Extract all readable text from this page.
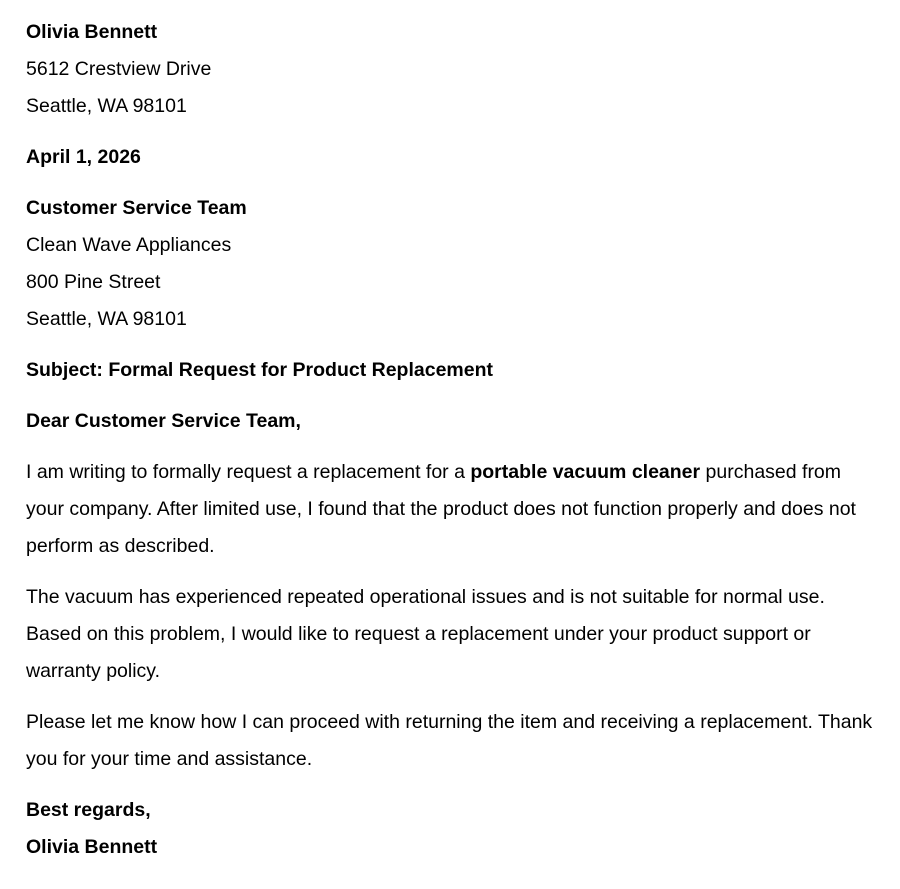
Olivia Bennett
5612 Crestview Drive
Seattle, WA 98101
April 1, 2026
Customer Service Team
Clean Wave Appliances
800 Pine Street
Seattle, WA 98101
Subject: Formal Request for Product Replacement
Dear Customer Service Team,
I am writing to formally request a replacement for a portable vacuum cleaner purchased from your company. After limited use, I found that the product does not function properly and does not perform as described.
The vacuum has experienced repeated operational issues and is not suitable for normal use. Based on this problem, I would like to request a replacement under your product support or warranty policy.
Please let me know how I can proceed with returning the item and receiving a replacement. Thank you for your time and assistance.
Best regards,
Olivia Bennett
